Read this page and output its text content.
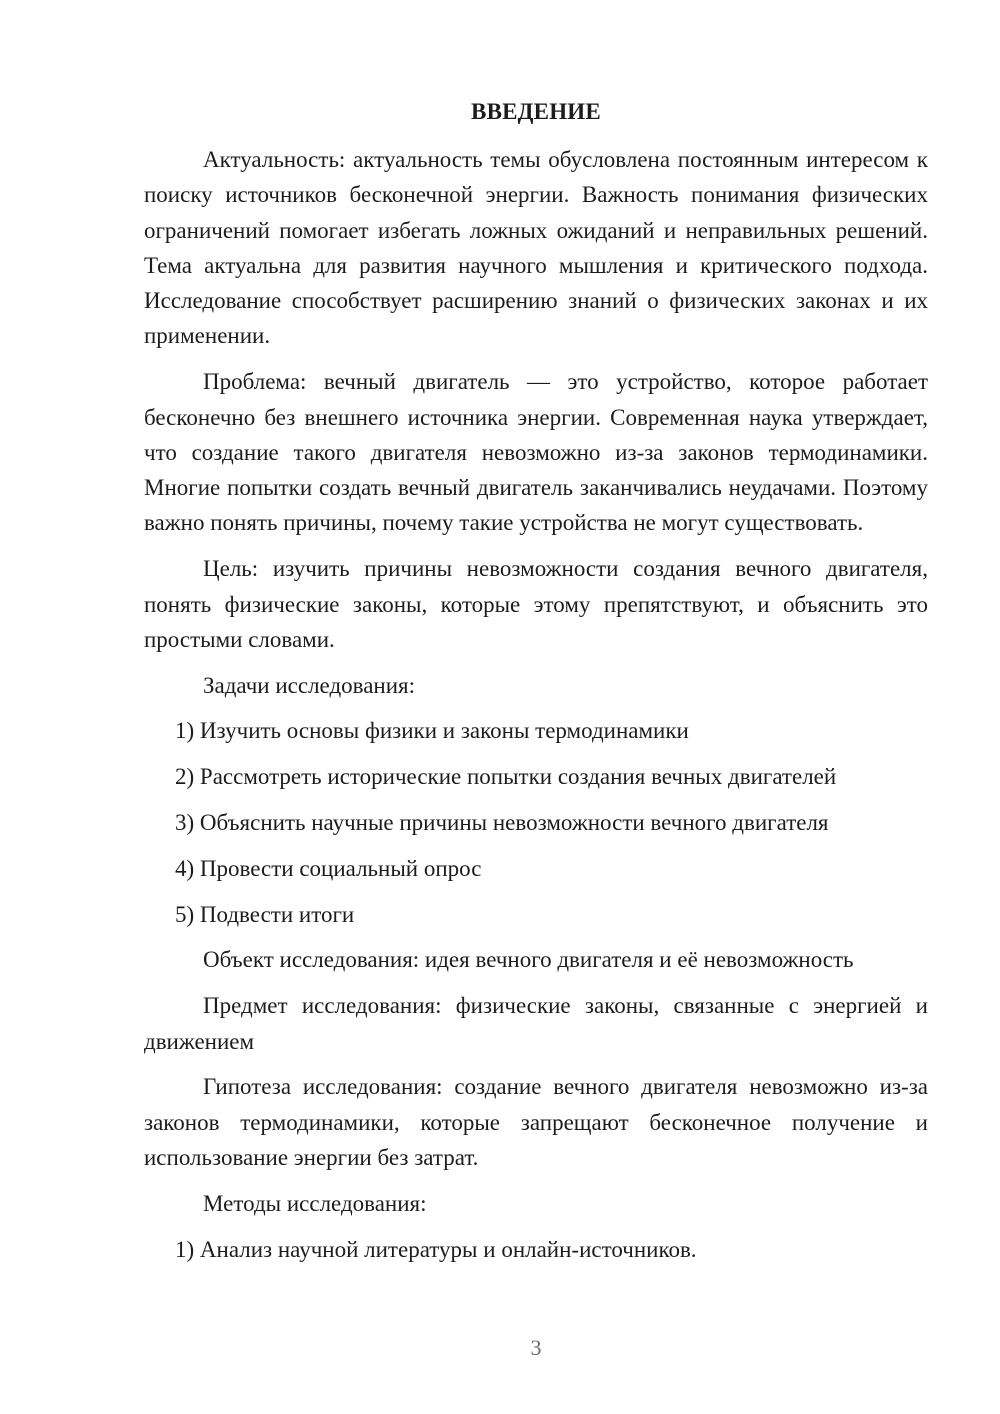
ВВЕДЕНИЕ

Актуальность: актуальность темы обусловлена постоянным интересом к поиску источников бесконечной энергии. Важность понимания физических ограничений помогает избегать ложных ожиданий и неправильных решений. Тема актуальна для развития научного мышления и критического подхода. Исследование способствует расширению знаний о физических законах и их применении.

Проблема: вечный двигатель — это устройство, которое работает бесконечно без внешнего источника энергии. Современная наука утверждает, что создание такого двигателя невозможно из-за законов термодинамики. Многие попытки создать вечный двигатель заканчивались неудачами. Поэтому важно понять причины, почему такие устройства не могут существовать.

Цель: изучить причины невозможности создания вечного двигателя, понять физические законы, которые этому препятствуют, и объяснить это простыми словами.

Задачи исследования:

1) Изучить основы физики и законы термодинамики

2) Рассмотреть исторические попытки создания вечных двигателей

3) Объяснить научные причины невозможности вечного двигателя

4) Провести социальный опрос

5) Подвести итоги

Объект исследования: идея вечного двигателя и её невозможность

Предмет исследования: физические законы, связанные с энергией и движением

Гипотеза исследования: создание вечного двигателя невозможно из-за законов термодинамики, которые запрещают бесконечное получение и использование энергии без затрат.

Методы исследования:

1) Анализ научной литературы и онлайн-источников.

3
